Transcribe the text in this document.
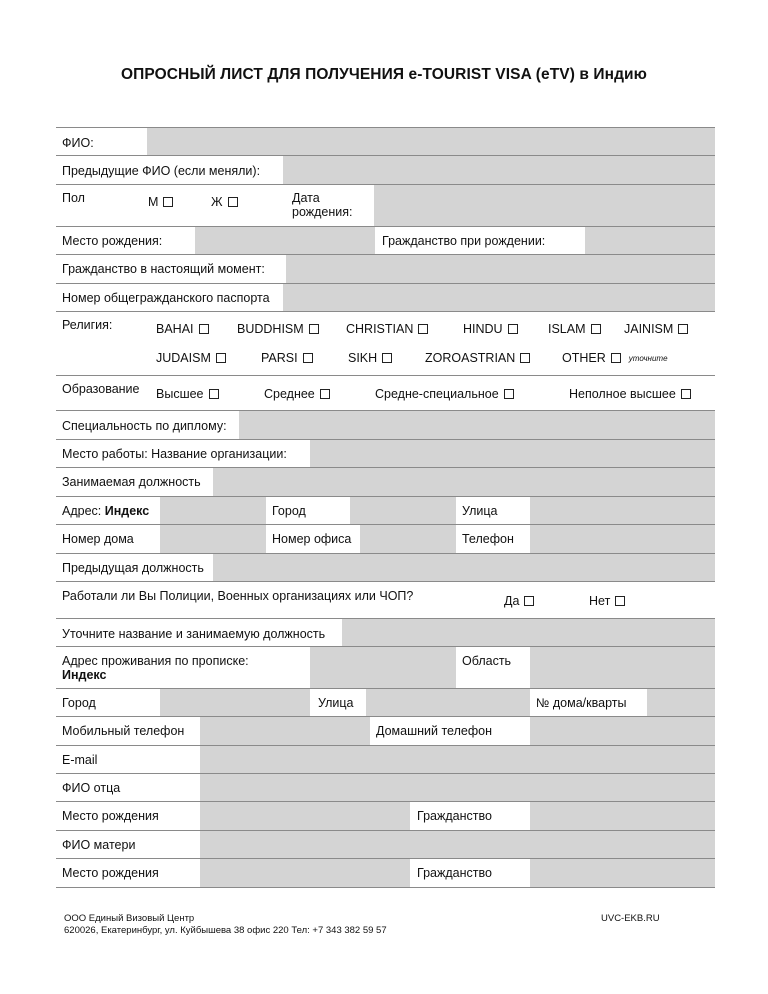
ОПРОСНЫЙ ЛИСТ ДЛЯ ПОЛУЧЕНИЯ e-TOURIST VISA (eTV) в Индию
ФИО:
Предыдущие ФИО (если меняли):
Пол	М	Ж	Дата
рождения:
Место рождения:	Гражданство при рождении:
Гражданство в настоящий момент:
Номер общегражданского паспорта
Религия:	BAHAI	BUDDHISM	CHRISTIAN	HINDU	ISLAM	JAINISM
JUDAISM	PARSI	SIKH	ZOROASTRIAN	OTHER	уточните
Образование Высшее	Среднее	Средне-специальное	Неполное высшее
Специальность по диплому:
Место работы: Название организации:
Занимаемая должность
Адрес: Индекс	Город	Улица
Номер дома	Номер офиса	Телефон
Предыдущая должность
Работали ли Вы Полиции, Военных организациях или ЧОП?	Да	Нет
Уточните название и занимаемую должность
Адрес проживания по прописке:
Индекс
Область
Город	Улица	№ дома/кварты
Мобильный телефон	Домашний телефон
E-mail
ФИО отца
Место рождения	Гражданство
ФИО матери
Место рождения	Гражданство
ООО Единый Визовый Центр
620026, Екатеринбург, ул. Куйбышева 38 офис 220 Тел: +7 343 382 59 57
UVC-EKB.RU
